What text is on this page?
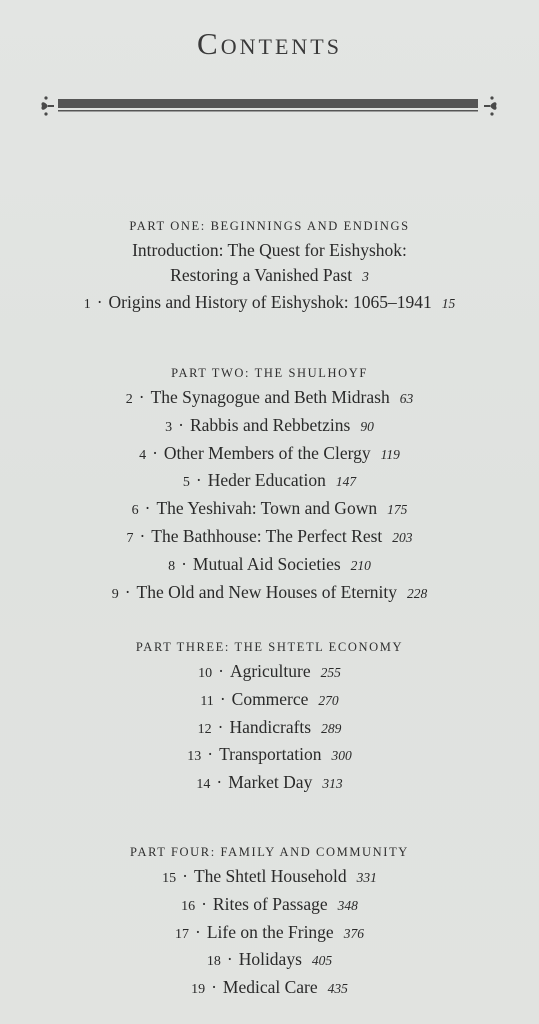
Contents
PART ONE: BEGINNINGS AND ENDINGS
Introduction: The Quest for Eishyshok:
Restoring a Vanished Past 3
1 · Origins and History of Eishyshok: 1065–1941 15
PART TWO: THE SHULHOYF
2 · The Synagogue and Beth Midrash 63
3 · Rabbis and Rebbetzins 90
4 · Other Members of the Clergy 119
5 · Heder Education 147
6 · The Yeshivah: Town and Gown 175
7 · The Bathhouse: The Perfect Rest 203
8 · Mutual Aid Societies 210
9 · The Old and New Houses of Eternity 228
PART THREE: THE SHTETL ECONOMY
10 · Agriculture 255
11 · Commerce 270
12 · Handicrafts 289
13 · Transportation 300
14 · Market Day 313
PART FOUR: FAMILY AND COMMUNITY
15 · The Shtetl Household 331
16 · Rites of Passage 348
17 · Life on the Fringe 376
18 · Holidays 405
19 · Medical Care 435
